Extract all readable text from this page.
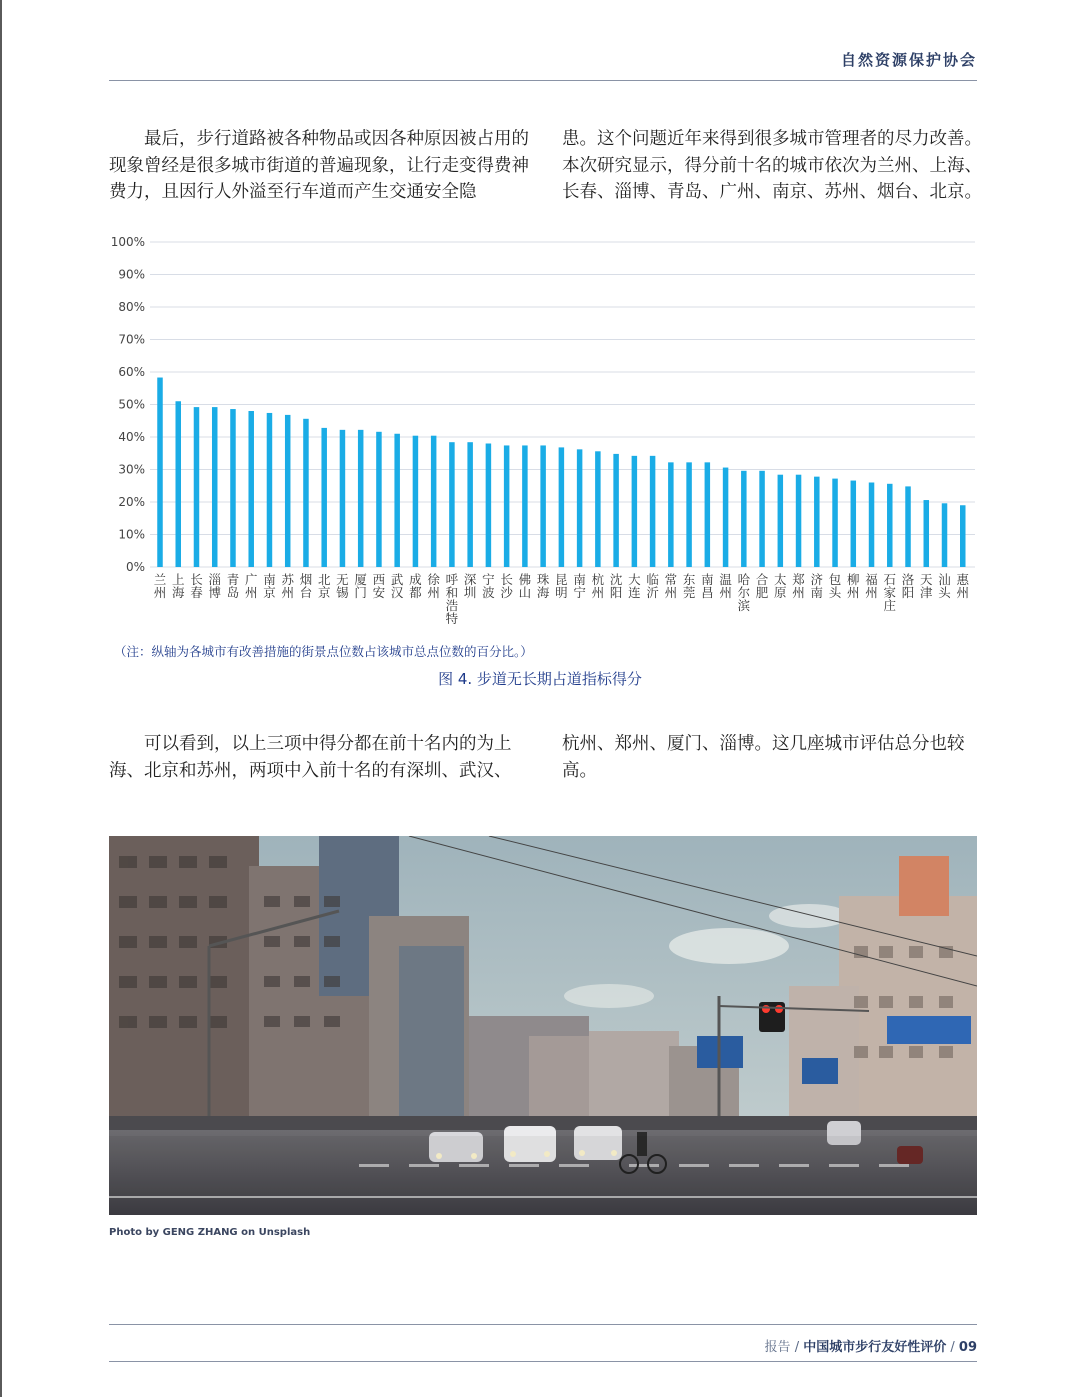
自然资源保护协会

最后，步行道路被各种物品或因各种原因被占用的现象曾经是很多城市街道的普遍现象，让行走变得费神费力，且因行人外溢至行车道而产生交通安全隐

患。这个问题近年来得到很多城市管理者的尽力改善。本次研究显示，得分前十名的城市依次为兰州、上海、长春、淄博、青岛、广州、南京、苏州、烟台、北京。

0%
10%
20%
30%
40%
50%
60%
70%
80%
90%
100%
兰州
上海
长春
淄博
青岛
广州
南京
苏州
烟台
北京
无锡
厦门
西安
武汉
成都
徐州
呼和浩特
深圳
宁波
长沙
佛山
珠海
昆明
南宁
杭州
沈阳
大连
临沂
常州
东莞
南昌
温州
哈尔滨
合肥
太原
郑州
济南
包头
柳州
福州
石家庄
洛阳
天津
汕头
惠州
（注：纵轴为各城市有改善措施的街景点位数占该城市总点位数的百分比。）
图 4. 步道无长期占道指标得分

可以看到，以上三项中得分都在前十名内的为上海、北京和苏州，两项中入前十名的有深圳、武汉、

杭州、郑州、厦门、淄博。这几座城市评估总分也较高。

Photo by GENG ZHANG on Unsplash
报告 / 中国城市步行友好性评价 / 09
